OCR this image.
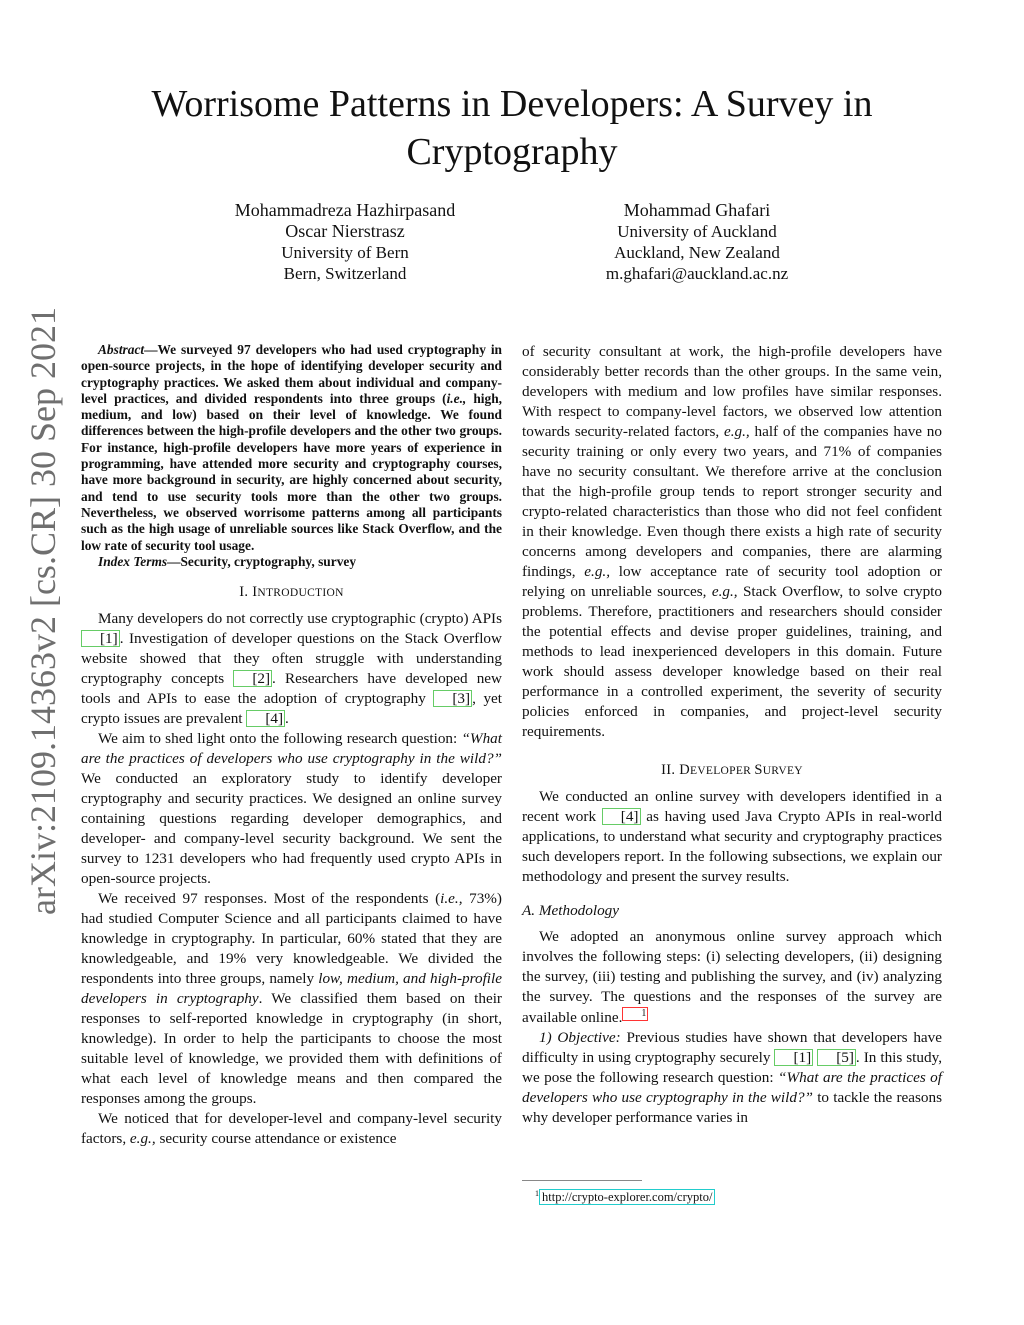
arXiv:2109.14363v2 [cs.CR] 30 Sep 2021
Worrisome Patterns in Developers: A Survey in Cryptography
Mohammadreza Hazhirpasand
Oscar Nierstrasz
University of Bern
Bern, Switzerland
Mohammad Ghafari
University of Auckland
Auckland, New Zealand
m.ghafari@auckland.ac.nz

Abstract—We surveyed 97 developers who had used cryptography in open-source projects, in the hope of identifying developer security and cryptography practices. We asked them about individual and company-level practices, and divided respondents into three groups (i.e., high, medium, and low) based on their level of knowledge. We found differences between the high-profile developers and the other two groups. For instance, high-profile developers have more years of experience in programming, have attended more security and cryptography courses, have more background in security, are highly concerned about security, and tend to use security tools more than the other two groups. Nevertheless, we observed worrisome patterns among all participants such as the high usage of unreliable sources like Stack Overflow, and the low rate of security tool usage.

Index Terms—Security, cryptography, survey

I. INTRODUCTION

Many developers do not correctly use cryptographic (crypto) APIs [1] . Investigation of developer questions on the Stack Overflow website showed that they often struggle with understanding cryptography concepts [2] . Researchers have developed new tools and APIs to ease the adoption of cryptography [3] , yet crypto issues are prevalent [4] .

We aim to shed light onto the following research question: “What are the practices of developers who use cryptography in the wild?” We conducted an exploratory study to identify developer cryptography and security practices. We designed an online survey containing questions regarding developer demographics, and developer- and company-level security background. We sent the survey to 1231 developers who had frequently used crypto APIs in open-source projects.

We received 97 responses. Most of the respondents (i.e., 73%) had studied Computer Science and all participants claimed to have knowledge in cryptography. In particular, 60% stated that they are knowledgeable, and 19% very knowledgeable. We divided the respondents into three groups, namely low, medium, and high-profile developers in cryptography. We classified them based on their responses to self-reported knowledge in cryptography (in short, knowledge). In order to help the participants to choose the most suitable level of knowledge, we provided them with definitions of what each level of knowledge means and then compared the responses among the groups.

We noticed that for developer-level and company-level security factors, e.g., security course attendance or existence

of security consultant at work, the high-profile developers have considerably better records than the other groups. In the same vein, developers with medium and low profiles have similar responses. With respect to company-level factors, we observed low attention towards security-related factors, e.g., half of the companies have no security training or only every two years, and 71% of companies have no security consultant. We therefore arrive at the conclusion that the high-profile group tends to report stronger security and crypto-related characteristics than those who did not feel confident in their knowledge. Even though there exists a high rate of security concerns among developers and companies, there are alarming findings, e.g., low acceptance rate of security tool adoption or relying on unreliable sources, e.g., Stack Overflow, to solve crypto problems. Therefore, practitioners and researchers should consider the potential effects and devise proper guidelines, training, and methods to lead inexperienced developers in this domain. Future work should assess developer knowledge based on their real performance in a controlled experiment, the severity of security policies enforced in companies, and project-level security requirements.

II. DEVELOPER SURVEY

We conducted an online survey with developers identified in a recent work [4] as having used Java Crypto APIs in real-world applications, to understand what security and cryptography practices such developers report. In the following subsections, we explain our methodology and present the survey results.

A. Methodology

We adopted an anonymous online survey approach which involves the following steps: (i) selecting developers, (ii) designing the survey, (iii) testing and publishing the survey, and (iv) analyzing the survey. The questions and the responses of the survey are available online. 1

1) Objective: Previous studies have shown that developers have difficulty in using cryptography securely [1] [5] . In this study, we pose the following research question: “What are the practices of developers who use cryptography in the wild?” to tackle the reasons why developer performance varies in

$^1$ http://crypto-explorer.com/crypto/
